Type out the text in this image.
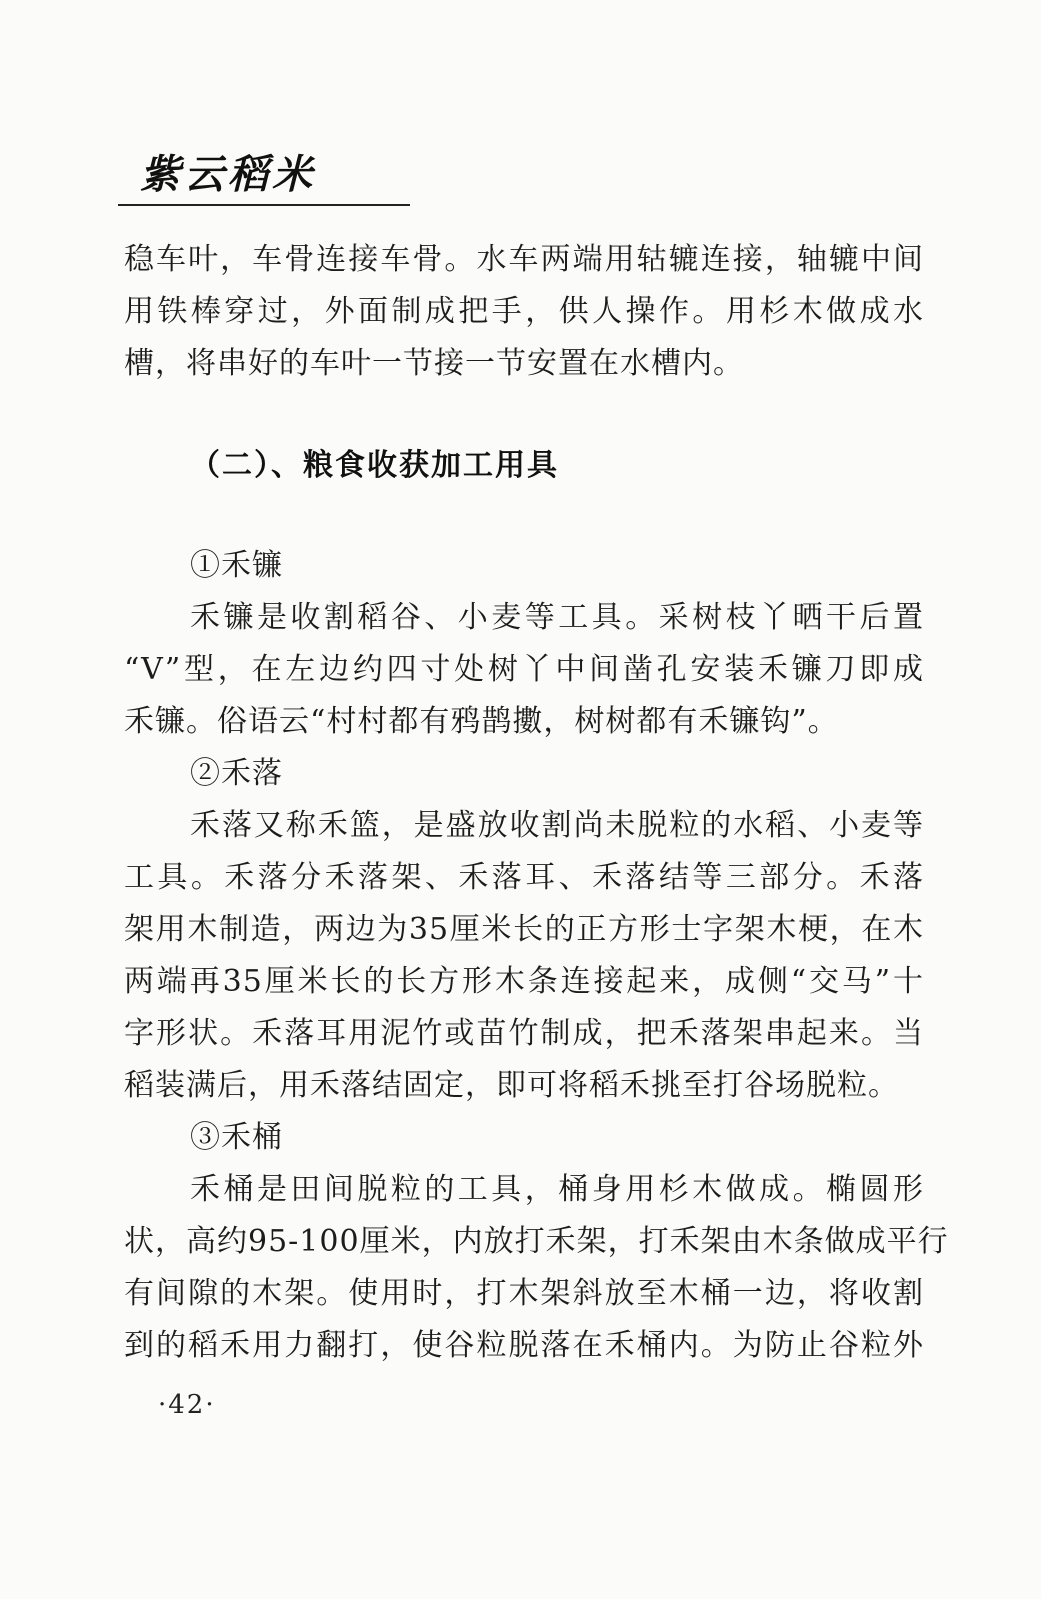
紫云稻米
稳车叶，车骨连接车骨。水车两端用轱辘连接，轴辘中间
用铁棒穿过，外面制成把手，供人操作。用杉木做成水
槽，将串好的车叶一节接一节安置在水槽内。
（二）、粮食收获加工用具
①禾镰
禾镰是收割稻谷、小麦等工具。采树枝丫晒干后置
“V”型，在左边约四寸处树丫中间凿孔安装禾镰刀即成
禾镰。俗语云“村村都有鸦鹊擻，树树都有禾镰钩”。
②禾落
禾落又称禾篮，是盛放收割尚未脱粒的水稻、小麦等
工具。禾落分禾落架、禾落耳、禾落结等三部分。禾落
架用木制造，两边为35厘米长的正方形士字架木梗，在木
两端再35厘米长的长方形木条连接起来，成侧“交马”十
字形状。禾落耳用泥竹或苗竹制成，把禾落架串起来。当
稻装满后，用禾落结固定，即可将稻禾挑至打谷场脱粒。
③禾桶
禾桶是田间脱粒的工具，桶身用杉木做成。椭圆形
状，高约95-100厘米，内放打禾架，打禾架由木条做成平行
有间隙的木架。使用时，打木架斜放至木桶一边，将收割
到的稻禾用力翻打，使谷粒脱落在禾桶内。为防止谷粒外
·42·
